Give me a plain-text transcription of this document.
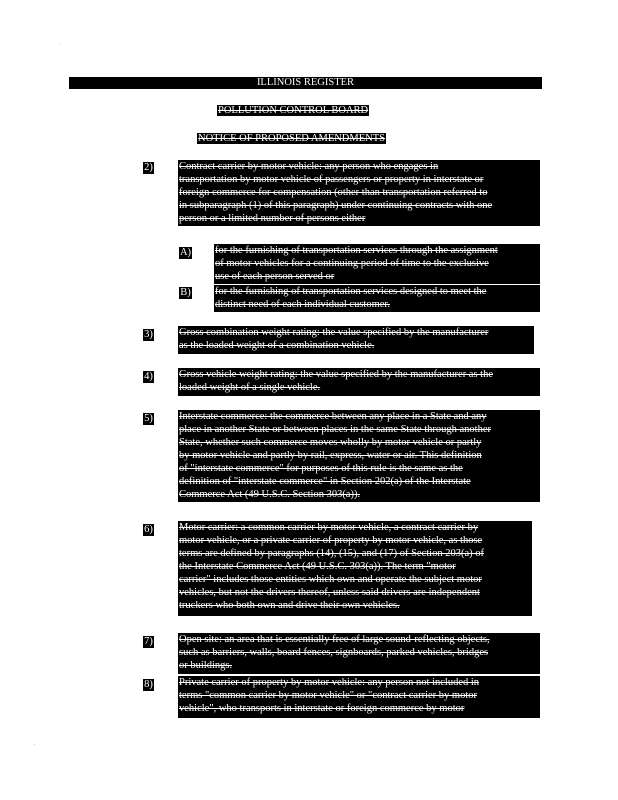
ILLINOIS REGISTER
POLLUTION CONTROL BOARD
NOTICE OF PROPOSED AMENDMENTS
2) Contract carrier by motor vehicle: any person who engages in
transportation by motor vehicle of passengers or property in interstate or
foreign commerce for compensation (other than transportation referred to
in subparagraph (1) of this paragraph) under continuing contracts with one
person or a limited number of persons either
A) for the furnishing of transportation services through the assignment
of motor vehicles for a continuing period of time to the exclusive
use of each person served or
B) for the furnishing of transportation services designed to meet the
distinct need of each individual customer.
3) Gross combination weight rating: the value specified by the manufacturer
as the loaded weight of a combination vehicle.
4) Gross vehicle weight rating: the value specified by the manufacturer as the
loaded weight of a single vehicle.
5) Interstate commerce: the commerce between any place in a State and any
place in another State or between places in the same State through another
State, whether such commerce moves wholly by motor vehicle or partly
by motor vehicle and partly by rail, express, water or air. This definition
of "interstate commerce" for purposes of this rule is the same as the
definition of "interstate commerce" in Section 202(a) of the Interstate
Commerce Act (49 U.S.C. Section 303(a)).
6) Motor carrier: a common carrier by motor vehicle, a contract carrier by
motor vehicle, or a private carrier of property by motor vehicle, as those
terms are defined by paragraphs (14), (15), and (17) of Section 203(a) of
the Interstate Commerce Act (49 U.S.C. 303(a)). The term "motor
carrier" includes those entities which own and operate the subject motor
vehicles, but not the drivers thereof, unless said drivers are independent
truckers who both own and drive their own vehicles.
7) Open site: an area that is essentially free of large sound-reflecting objects,
such as barriers, walls, board fences, signboards, parked vehicles, bridges
or buildings.
8) Private carrier of property by motor vehicle: any person not included in
terms "common carrier by motor vehicle" or "contract carrier by motor
vehicle", who transports in interstate or foreign commerce by motor
